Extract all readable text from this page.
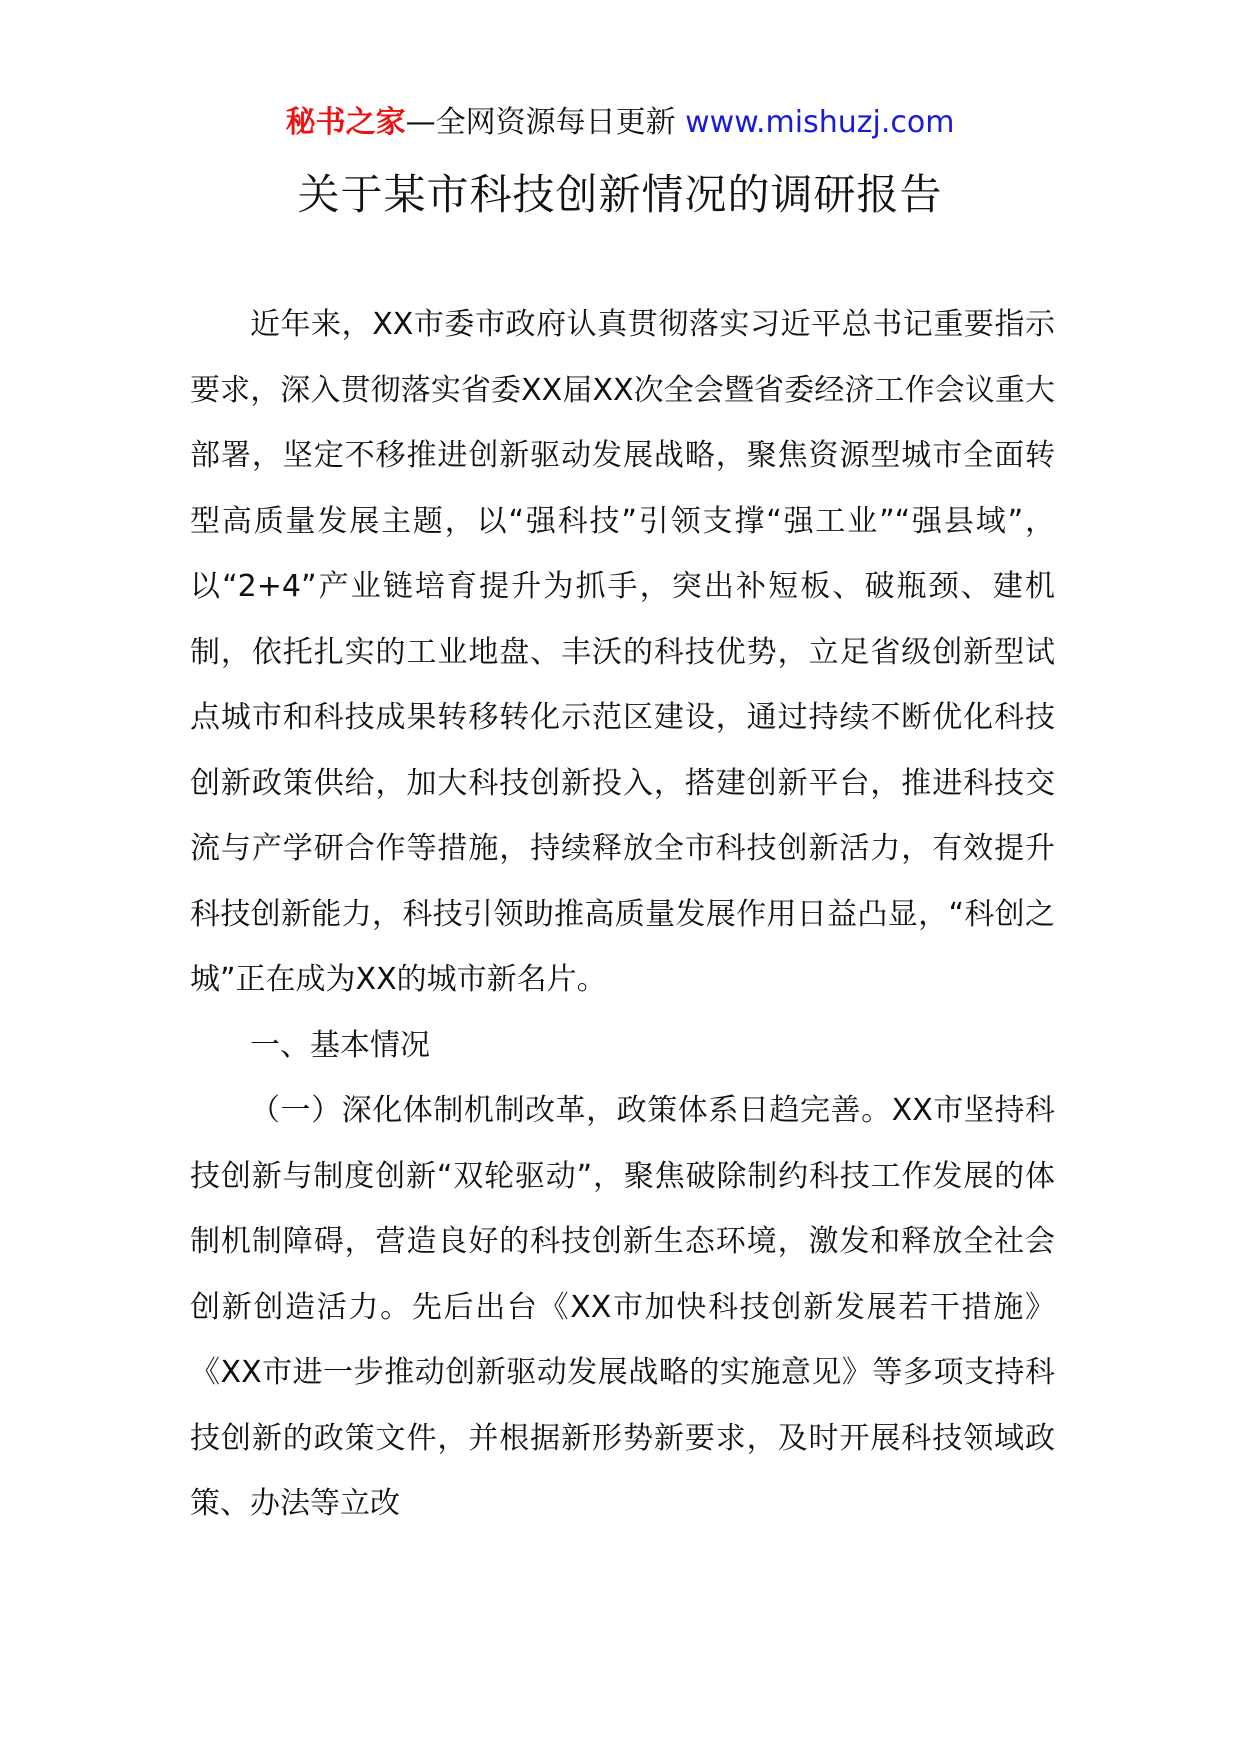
秘书之家—全网资源每日更新 www.mishuzj.com
关于某市科技创新情况的调研报告

近年来，XX市委市政府认真贯彻落实习近平总书记重要指示要求，深入贯彻落实省委XX届XX次全会暨省委经济工作会议重大部署，坚定不移推进创新驱动发展战略，聚焦资源型城市全面转型高质量发展主题，以“强科技”引领支撑“强工业”“强县域”，以“2+4”产业链培育提升为抓手，突出补短板、破瓶颈、建机制，依托扎实的工业地盘、丰沃的科技优势，立足省级创新型试点城市和科技成果转移转化示范区建设，通过持续不断优化科技创新政策供给，加大科技创新投入，搭建创新平台，推进科技交流与产学研合作等措施，持续释放全市科技创新活力，有效提升科技创新能力，科技引领助推高质量发展作用日益凸显，“科创之城”正在成为XX的城市新名片。

一、基本情况

（一）深化体制机制改革，政策体系日趋完善。XX市坚持科技创新与制度创新“双轮驱动”，聚焦破除制约科技工作发展的体制机制障碍，营造良好的科技创新生态环境，激发和释放全社会创新创造活力。先后出台《XX市加快科技创新发展若干措施》《XX市进一步推动创新驱动发展战略的实施意见》等多项支持科技创新的政策文件，并根据新形势新要求，及时开展科技领域政策、办法等立改
